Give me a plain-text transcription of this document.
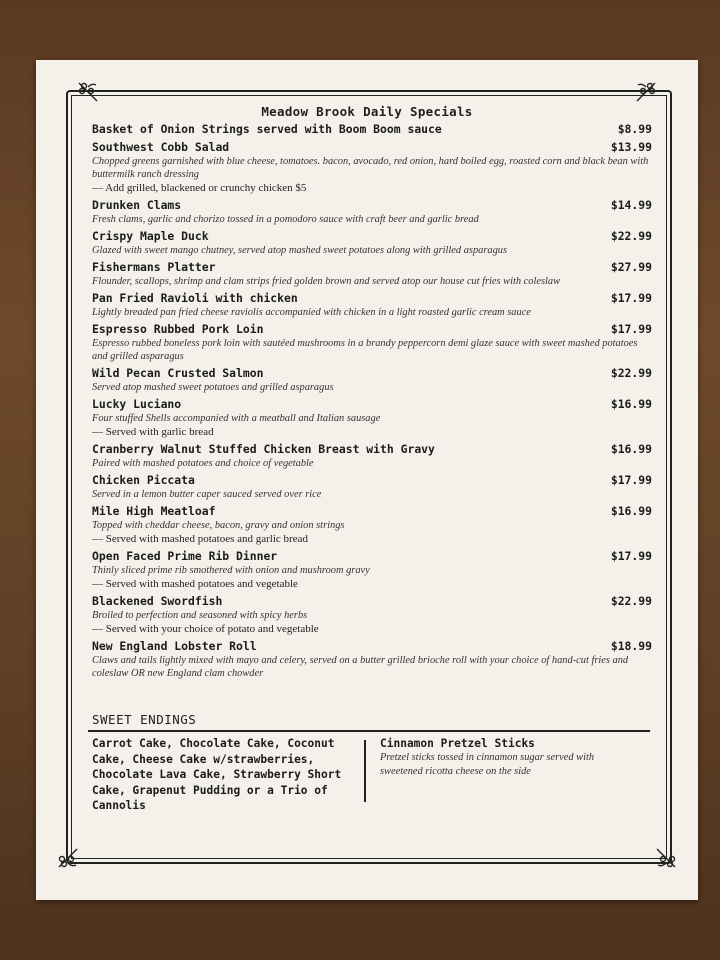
Meadow Brook Daily Specials
Basket of Onion Strings served with Boom Boom sauce	$8.99
Southwest Cobb Salad	$13.99
Chopped greens garnished with blue cheese, tomatoes. bacon, avocado, red onion, hard boiled egg, roasted corn and black bean with buttermilk ranch dressing
— Add grilled, blackened or crunchy chicken $5
Drunken Clams	$14.99
Fresh clams, garlic and chorizo tossed in a pomodoro sauce with craft beer and garlic bread
Crispy Maple Duck	$22.99
Glazed with sweet mango chutney, served atop mashed sweet potatoes along with grilled asparagus
Fishermans Platter	$27.99
Flounder, scallops, shrimp and clam strips fried golden brown and served atop our house cut fries with coleslaw
Pan Fried Ravioli with chicken	$17.99
Lightly breaded pan fried cheese raviolis accompanied with chicken in a light roasted garlic cream sauce
Espresso Rubbed Pork Loin	$17.99
Espresso rubbed boneless pork loin with sautéed mushrooms in a brandy peppercorn demi glaze sauce with sweet mashed potatoes and grilled asparagus
Wild Pecan Crusted Salmon	$22.99
Served atop mashed sweet potatoes and grilled asparagus
Lucky Luciano	$16.99
Four stuffed Shells accompanied with a meatball and Italian sausage
— Served with garlic bread
Cranberry Walnut Stuffed Chicken Breast with Gravy	$16.99
Paired with mashed potatoes and choice of vegetable
Chicken Piccata	$17.99
Served in a lemon butter caper sauced served over rice
Mile High Meatloaf	$16.99
Topped with cheddar cheese, bacon, gravy and onion strings
— Served with mashed potatoes and garlic bread
Open Faced Prime Rib Dinner	$17.99
Thinly sliced prime rib smothered with onion and mushroom gravy
— Served with mashed potatoes and vegetable
Blackened Swordfish	$22.99
Broiled to perfection and seasoned with spicy herbs
— Served with your choice of potato and vegetable
New England Lobster Roll	$18.99
Claws and tails lightly mixed with mayo and celery, served on a butter grilled brioche roll with your choice of hand-cut fries and coleslaw OR new England clam chowder
SWEET ENDINGS
Carrot Cake, Chocolate Cake, Coconut Cake, Cheese Cake w/strawberries, Chocolate Lava Cake, Strawberry Short Cake, Grapenut Pudding or a Trio of Cannolis
Cinnamon Pretzel Sticks
Pretzel sticks tossed in cinnamon sugar served with sweetened ricotta cheese on the side
